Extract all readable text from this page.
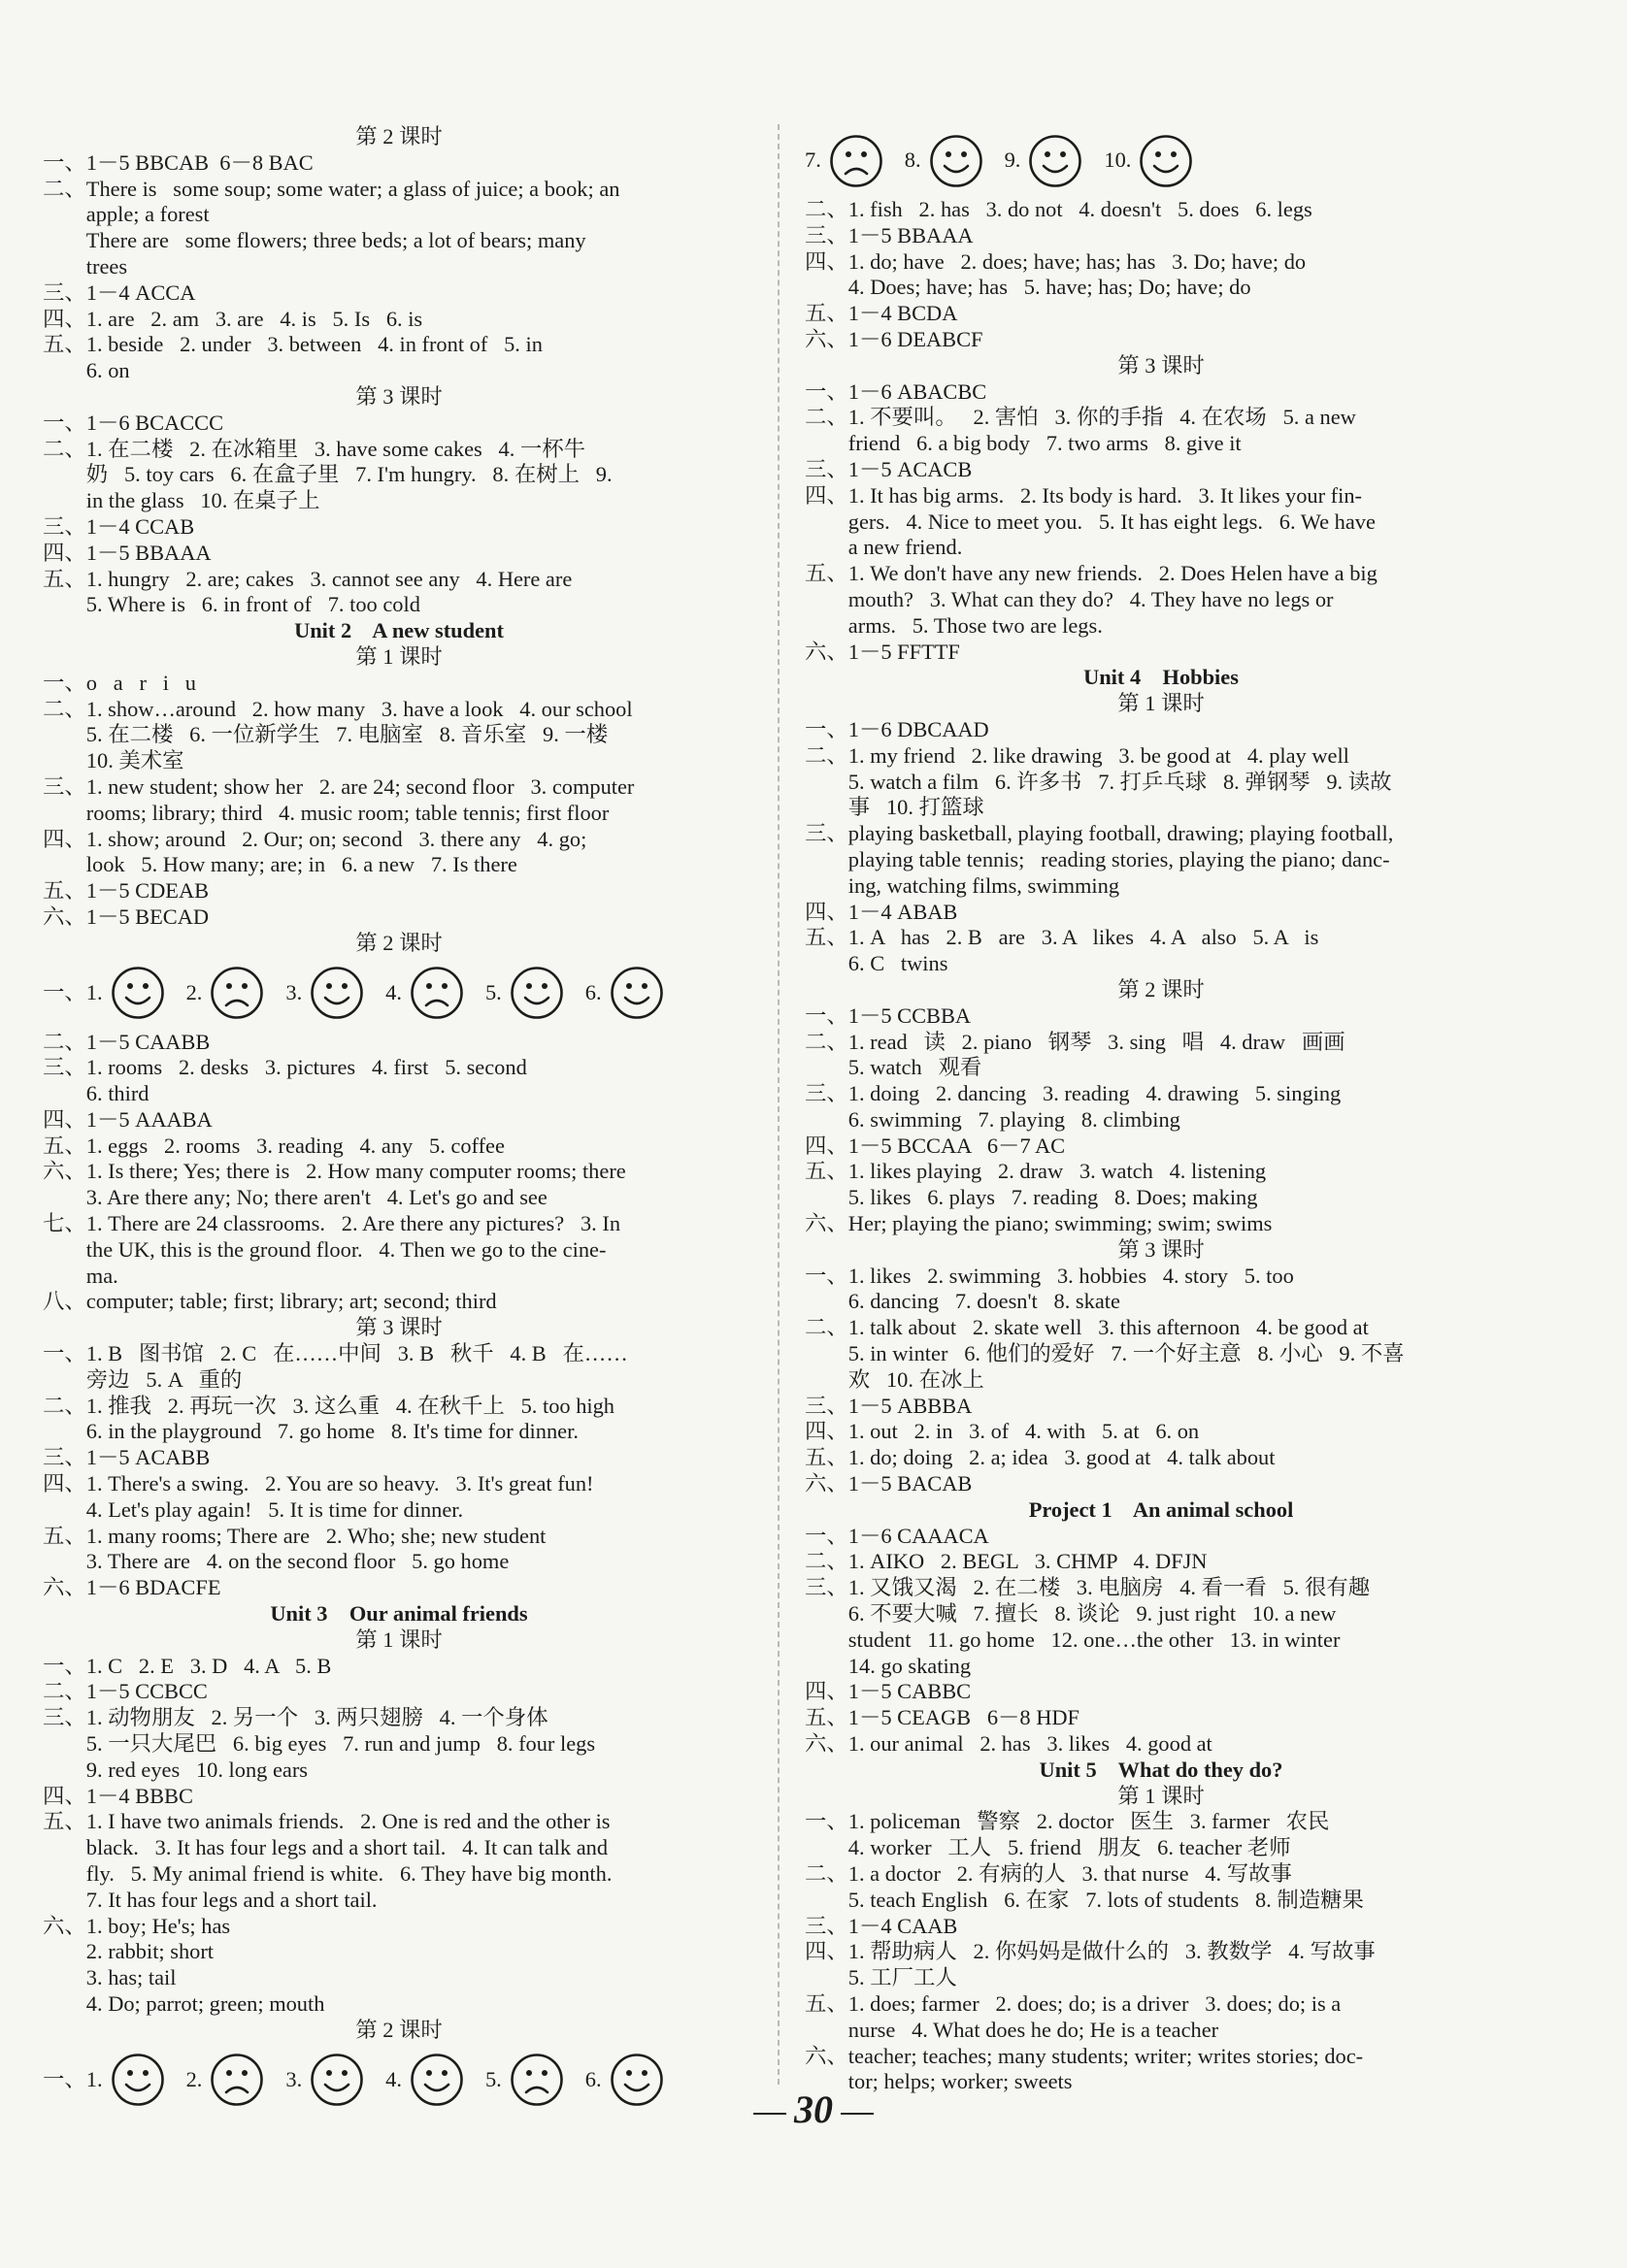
第 2 课时
一、1－5 BBCAB  6－8 BAC
二、There is   some soup; some water; a glass of juice; a book; an
apple; a forest
There are   some flowers; three beds; a lot of bears; many
trees
三、1－4 ACCA
四、1. are   2. am   3. are   4. is   5. Is   6. is
五、1. beside   2. under   3. between   4. in front of   5. in
6. on
第 3 课时
一、1－6 BCACCC
二、1. 在二楼   2. 在冰箱里   3. have some cakes   4. 一杯牛
奶   5. toy cars   6. 在盒子里   7. I'm hungry.   8. 在树上   9.
in the glass   10. 在桌子上
三、1－4 CCAB
四、1－5 BBAAA
五、1. hungry   2. are; cakes   3. cannot see any   4. Here are
5. Where is   6. in front of   7. too cold
Unit 2    A new student
第 1 课时
一、o   a   r   i   u
二、1. show…around   2. how many   3. have a look   4. our school
5. 在二楼   6. 一位新学生   7. 电脑室   8. 音乐室   9. 一楼
10. 美术室
三、1. new student; show her   2. are 24; second floor   3. computer
rooms; library; third   4. music room; table tennis; first floor
四、1. show; around   2. Our; on; second   3. there any   4. go;
look   5. How many; are; in   6. a new   7. Is there
五、1－5 CDEAB
六、1－5 BECAD
第 2 课时
一、 1.	2.	3.	4.	5.	6.
二、1－5 CAABB
三、1. rooms   2. desks   3. pictures   4. first   5. second
6. third
四、1－5 AAABA
五、1. eggs   2. rooms   3. reading   4. any   5. coffee
六、1. Is there; Yes; there is   2. How many computer rooms; there
3. Are there any; No; there aren't   4. Let's go and see
七、1. There are 24 classrooms.   2. Are there any pictures?   3. In
the UK, this is the ground floor.   4. Then we go to the cine-
ma.
八、computer; table; first; library; art; second; third
第 3 课时
一、1. B   图书馆   2. C   在……中间   3. B   秋千   4. B   在……
旁边   5. A   重的
二、1. 推我   2. 再玩一次   3. 这么重   4. 在秋千上   5. too high
6. in the playground   7. go home   8. It's time for dinner.
三、1－5 ACABB
四、1. There's a swing.   2. You are so heavy.   3. It's great fun!
4. Let's play again!   5. It is time for dinner.
五、1. many rooms; There are   2. Who; she; new student
3. There are   4. on the second floor   5. go home
六、1－6 BDACFE
Unit 3    Our animal friends
第 1 课时
一、1. C   2. E   3. D   4. A   5. B
二、1－5 CCBCC
三、1. 动物朋友   2. 另一个   3. 两只翅膀   4. 一个身体
5. 一只大尾巴   6. big eyes   7. run and jump   8. four legs
9. red eyes   10. long ears
四、1－4 BBBC
五、1. I have two animals friends.   2. One is red and the other is
black.   3. It has four legs and a short tail.   4. It can talk and
fly.   5. My animal friend is white.   6. They have big month.
7. It has four legs and a short tail.
六、1. boy; He's; has
2. rabbit; short
3. has; tail
4. Do; parrot; green; mouth
第 2 课时
一、 1.	2.	3.	4.	5.	6.
7.	8.	9.	10.
二、1. fish   2. has   3. do not   4. doesn't   5. does   6. legs
三、1－5 BBAAA
四、1. do; have   2. does; have; has; has   3. Do; have; do
4. Does; have; has   5. have; has; Do; have; do
五、1－4 BCDA
六、1－6 DEABCF
第 3 课时
一、1－6 ABACBC
二、1. 不要叫。   2. 害怕   3. 你的手指   4. 在农场   5. a new
friend   6. a big body   7. two arms   8. give it
三、1－5 ACACB
四、1. It has big arms.   2. Its body is hard.   3. It likes your fin-
gers.   4. Nice to meet you.   5. It has eight legs.   6. We have
a new friend.
五、1. We don't have any new friends.   2. Does Helen have a big
mouth?   3. What can they do?   4. They have no legs or
arms.   5. Those two are legs.
六、1－5 FFTTF
Unit 4    Hobbies
第 1 课时
一、1－6 DBCAAD
二、1. my friend   2. like drawing   3. be good at   4. play well
5. watch a film   6. 许多书   7. 打乒乓球   8. 弹钢琴   9. 读故
事   10. 打篮球
三、playing basketball, playing football, drawing; playing football,
playing table tennis;   reading stories, playing the piano; danc-
ing, watching films, swimming
四、1－4 ABAB
五、1. A   has   2. B   are   3. A   likes   4. A   also   5. A   is
6. C   twins
第 2 课时
一、1－5 CCBBA
二、1. read   读   2. piano   钢琴   3. sing   唱   4. draw   画画
5. watch   观看
三、1. doing   2. dancing   3. reading   4. drawing   5. singing
6. swimming   7. playing   8. climbing
四、1－5 BCCAA   6－7 AC
五、1. likes playing   2. draw   3. watch   4. listening
5. likes   6. plays   7. reading   8. Does; making
六、Her; playing the piano; swimming; swim; swims
第 3 课时
一、1. likes   2. swimming   3. hobbies   4. story   5. too
6. dancing   7. doesn't   8. skate
二、1. talk about   2. skate well   3. this afternoon   4. be good at
5. in winter   6. 他们的爱好   7. 一个好主意   8. 小心   9. 不喜
欢   10. 在冰上
三、1－5 ABBBA
四、1. out   2. in   3. of   4. with   5. at   6. on
五、1. do; doing   2. a; idea   3. good at   4. talk about
六、1－5 BACAB
Project 1    An animal school
一、1－6 CAAACA
二、1. AIKO   2. BEGL   3. CHMP   4. DFJN
三、1. 又饿又渴   2. 在二楼   3. 电脑房   4. 看一看   5. 很有趣
6. 不要大喊   7. 擅长   8. 谈论   9. just right   10. a new
student   11. go home   12. one…the other   13. in winter
14. go skating
四、1－5 CABBC
五、1－5 CEAGB   6－8 HDF
六、1. our animal   2. has   3. likes   4. good at
Unit 5    What do they do?
第 1 课时
一、1. policeman   警察   2. doctor   医生   3. farmer   农民
4. worker   工人   5. friend   朋友   6. teacher 老师
二、1. a doctor   2. 有病的人   3. that nurse   4. 写故事
5. teach English   6. 在家   7. lots of students   8. 制造糖果
三、1－4 CAAB
四、1. 帮助病人   2. 你妈妈是做什么的   3. 教数学   4. 写故事
5. 工厂工人
五、1. does; farmer   2. does; do; is a driver   3. does; do; is a
nurse   4. What does he do; He is a teacher
六、teacher; teaches; many students; writer; writes stories; doc-
tor; helps; worker; sweets
30
